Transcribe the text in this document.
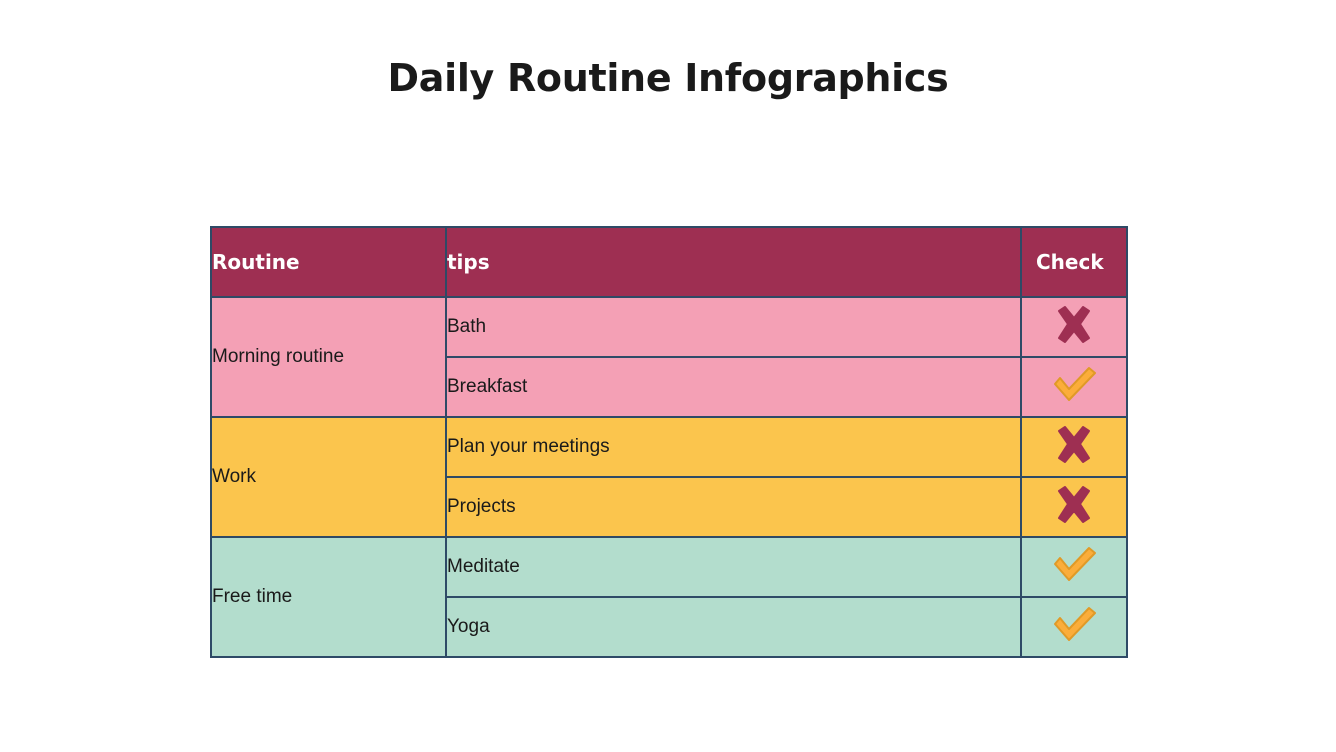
Daily Routine Infographics
Routine	tips	Check
Morning routine	Bath	

	Breakfast	

Work	Plan your meetings	

	Projects	

Free time	Meditate	

	Yoga	
